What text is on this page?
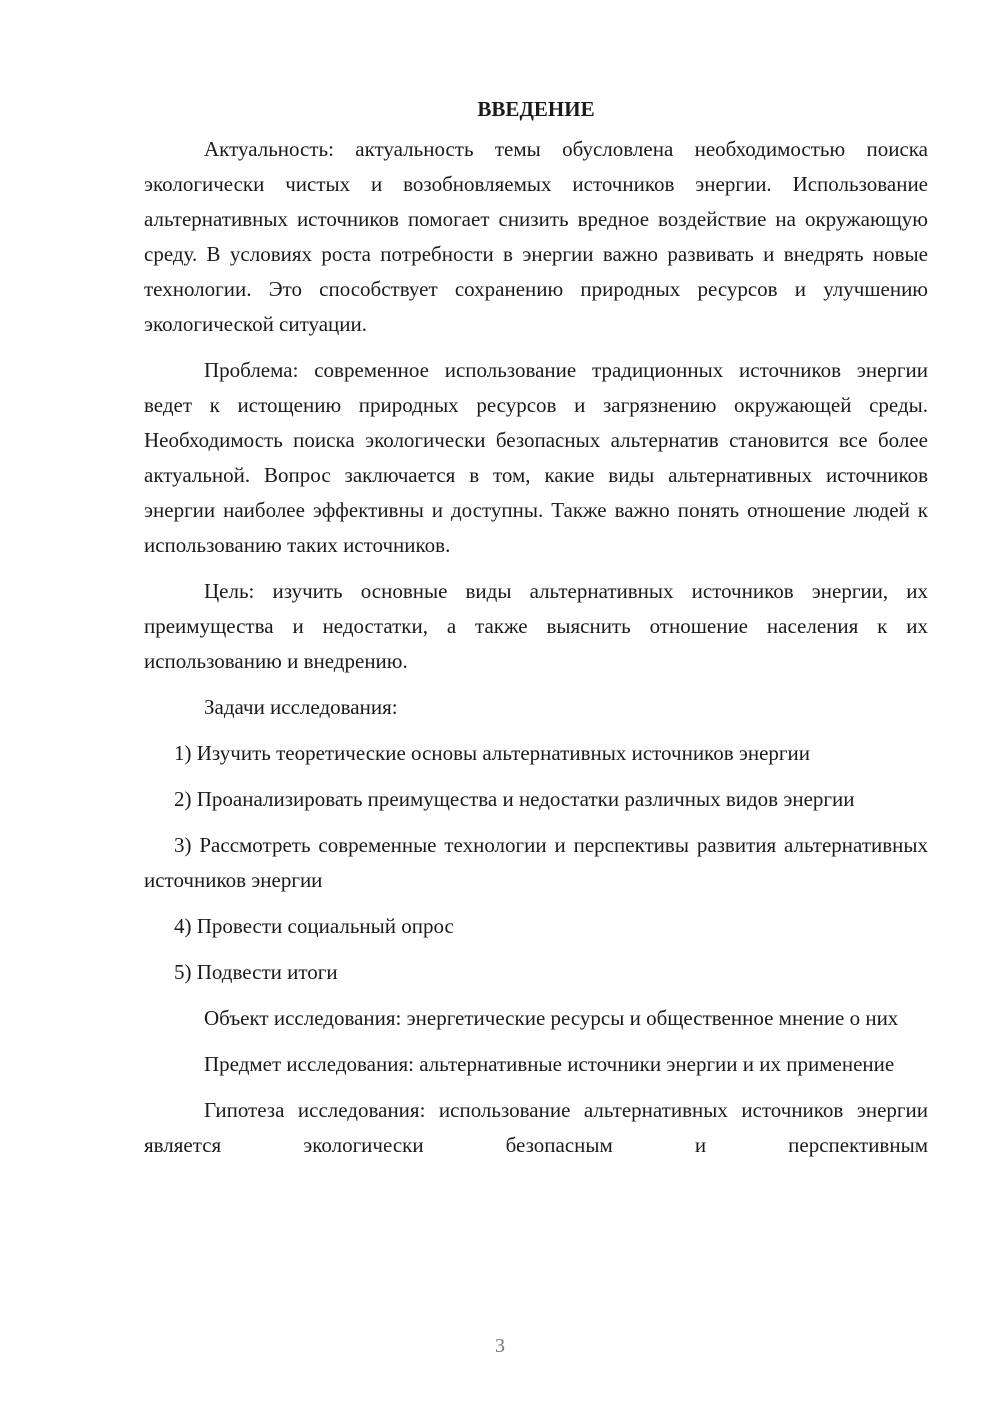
ВВЕДЕНИЕ

Актуальность: актуальность темы обусловлена необходимостью поиска экологически чистых и возобновляемых источников энергии. Использование альтернативных источников помогает снизить вредное воздействие на окружающую среду. В условиях роста потребности в энергии важно развивать и внедрять новые технологии. Это способствует сохранению природных ресурсов и улучшению экологической ситуации.

Проблема: современное использование традиционных источников энергии ведет к истощению природных ресурсов и загрязнению окружающей среды. Необходимость поиска экологически безопасных альтернатив становится все более актуальной. Вопрос заключается в том, какие виды альтернативных источников энергии наиболее эффективны и доступны. Также важно понять отношение людей к использованию таких источников.

Цель: изучить основные виды альтернативных источников энергии, их преимущества и недостатки, а также выяснить отношение населения к их использованию и внедрению.

Задачи исследования:

1) Изучить теоретические основы альтернативных источников энергии

2) Проанализировать преимущества и недостатки различных видов энергии

3) Рассмотреть современные технологии и перспективы развития альтернативных источников энергии

4) Провести социальный опрос

5) Подвести итоги

Объект исследования: энергетические ресурсы и общественное мнение о них

Предмет исследования: альтернативные источники энергии и их применение

Гипотеза исследования: использование альтернативных источников энергии является экологически безопасным и перспективным

3
